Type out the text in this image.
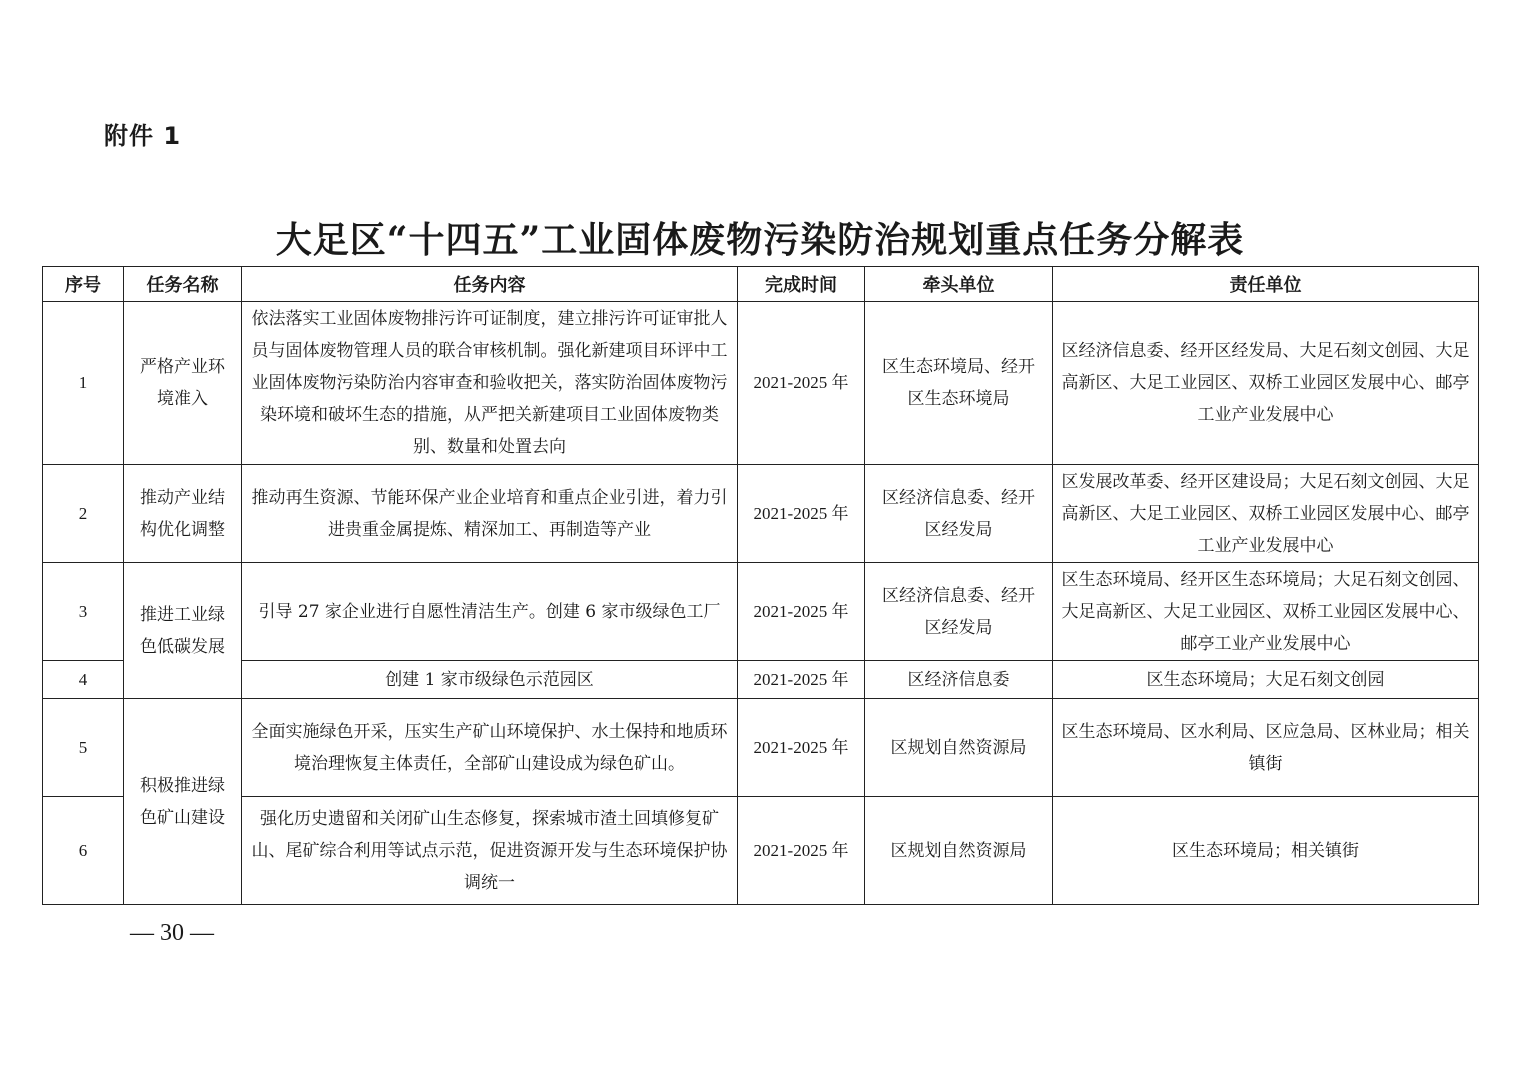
附件 1
大足区“十四五”工业固体废物污染防治规划重点任务分解表
序号	任务名称	任务内容	完成时间	牵头单位	责任单位
1	严格产业环境准入	依法落实工业固体废物排污许可证制度，建立排污许可证审批人员与固体废物管理人员的联合审核机制。强化新建项目环评中工业固体废物污染防治内容审查和验收把关，落实防治固体废物污染环境和破坏生态的措施，从严把关新建项目工业固体废物类别、数量和处置去向	2021-2025 年	区生态环境局、经开区生态环境局	区经济信息委、经开区经发局、大足石刻文创园、大足高新区、大足工业园区、双桥工业园区发展中心、邮亭工业产业发展中心
2	推动产业结构优化调整	推动再生资源、节能环保产业企业培育和重点企业引进，着力引进贵重金属提炼、精深加工、再制造等产业	2021-2025 年	区经济信息委、经开区经发局	区发展改革委、经开区建设局；大足石刻文创园、大足高新区、大足工业园区、双桥工业园区发展中心、邮亭工业产业发展中心
3	推进工业绿色低碳发展	引导 27 家企业进行自愿性清洁生产。创建 6 家市级绿色工厂	2021-2025 年	区经济信息委、经开区经发局	区生态环境局、经开区生态环境局；大足石刻文创园、大足高新区、大足工业园区、双桥工业园区发展中心、邮亭工业产业发展中心
4		创建 1 家市级绿色示范园区	2021-2025 年	区经济信息委	区生态环境局；大足石刻文创园
5	积极推进绿色矿山建设	全面实施绿色开采，压实生产矿山环境保护、水土保持和地质环境治理恢复主体责任，全部矿山建设成为绿色矿山。	2021-2025 年	区规划自然资源局	区生态环境局、区水利局、区应急局、区林业局；相关镇街
6		强化历史遗留和关闭矿山生态修复，探索城市渣土回填修复矿山、尾矿综合利用等试点示范，促进资源开发与生态环境保护协调统一	2021-2025 年	区规划自然资源局	区生态环境局；相关镇街
— 30 —
